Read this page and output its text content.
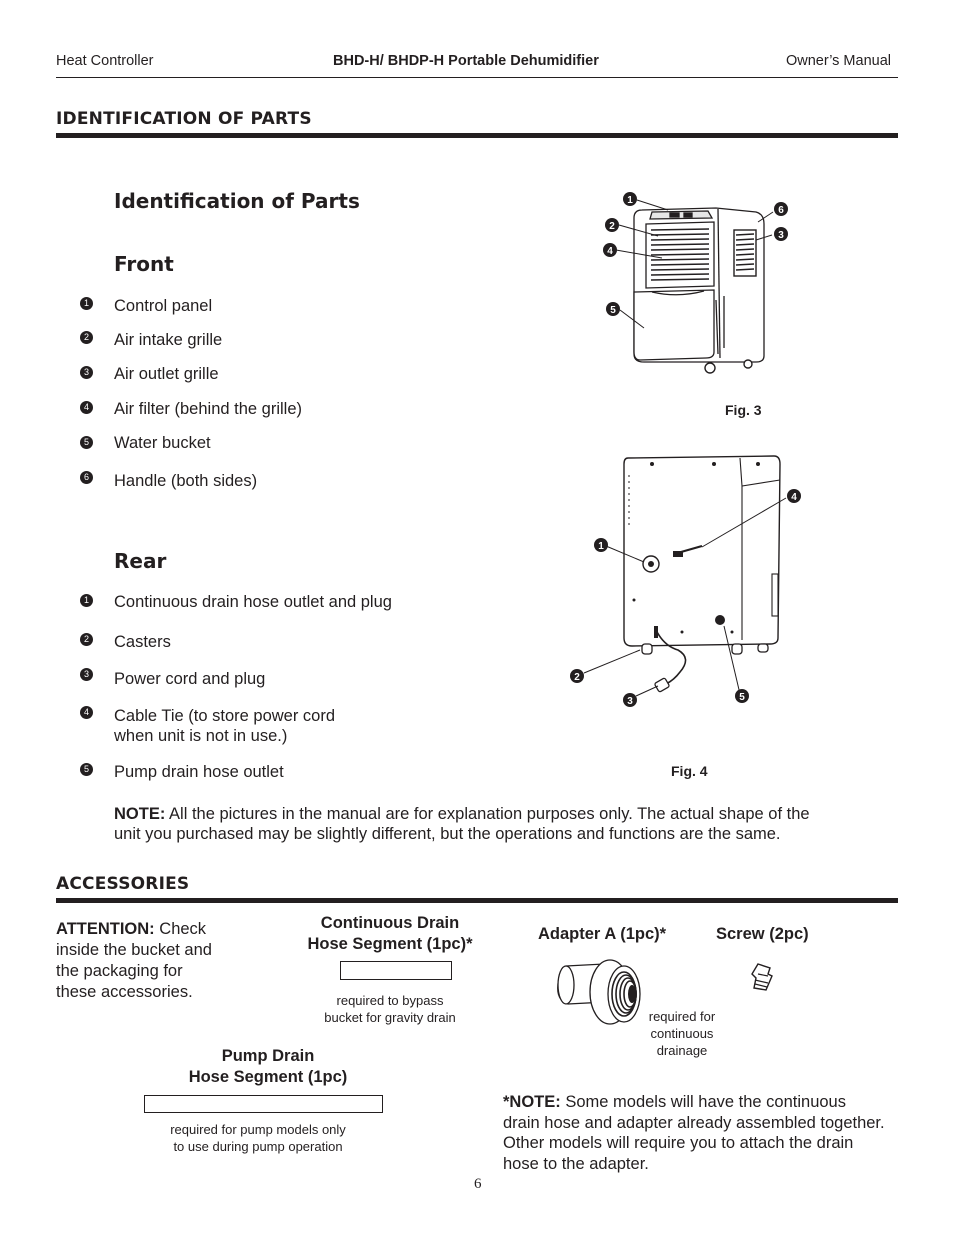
Heat Controller	BHD-H/ BHDP-H Portable Dehumidifier	Owner’s Manual
IDENTIFICATION OF PARTS
Identification of Parts
Front
1 Control panel
2 Air intake grille
3 Air outlet grille
4 Air filter (behind the grille)
5 Water bucket
6 Handle (both sides)
Rear
1 Continuous drain hose outlet and plug
2 Casters
3 Power cord and plug
4 Cable Tie (to store power cord
when unit is not in use.)
5 Pump drain hose outlet
1
2
4
5
6
3
Fig. 3
4
1
2
3	5
Fig. 4
NOTE: All the pictures in the manual are for explanation purposes only. The actual shape of the
unit you purchased may be slightly different, but the operations and functions are the same.
ACCESSORIES
ATTENTION: Check
inside the bucket and
the packaging for
these accessories.
Continuous Drain
Hose Segment (1pc)*
required to bypass
bucket for gravity drain
Adapter A (1pc)*
required for
continuous
drainage
Screw (2pc)
Pump Drain
Hose Segment (1pc)
required for pump models only
to use during pump operation
*NOTE: Some models will have the continuous
drain hose and adapter already assembled together.
Other models will require you to attach the drain
hose to the adapter.
6
